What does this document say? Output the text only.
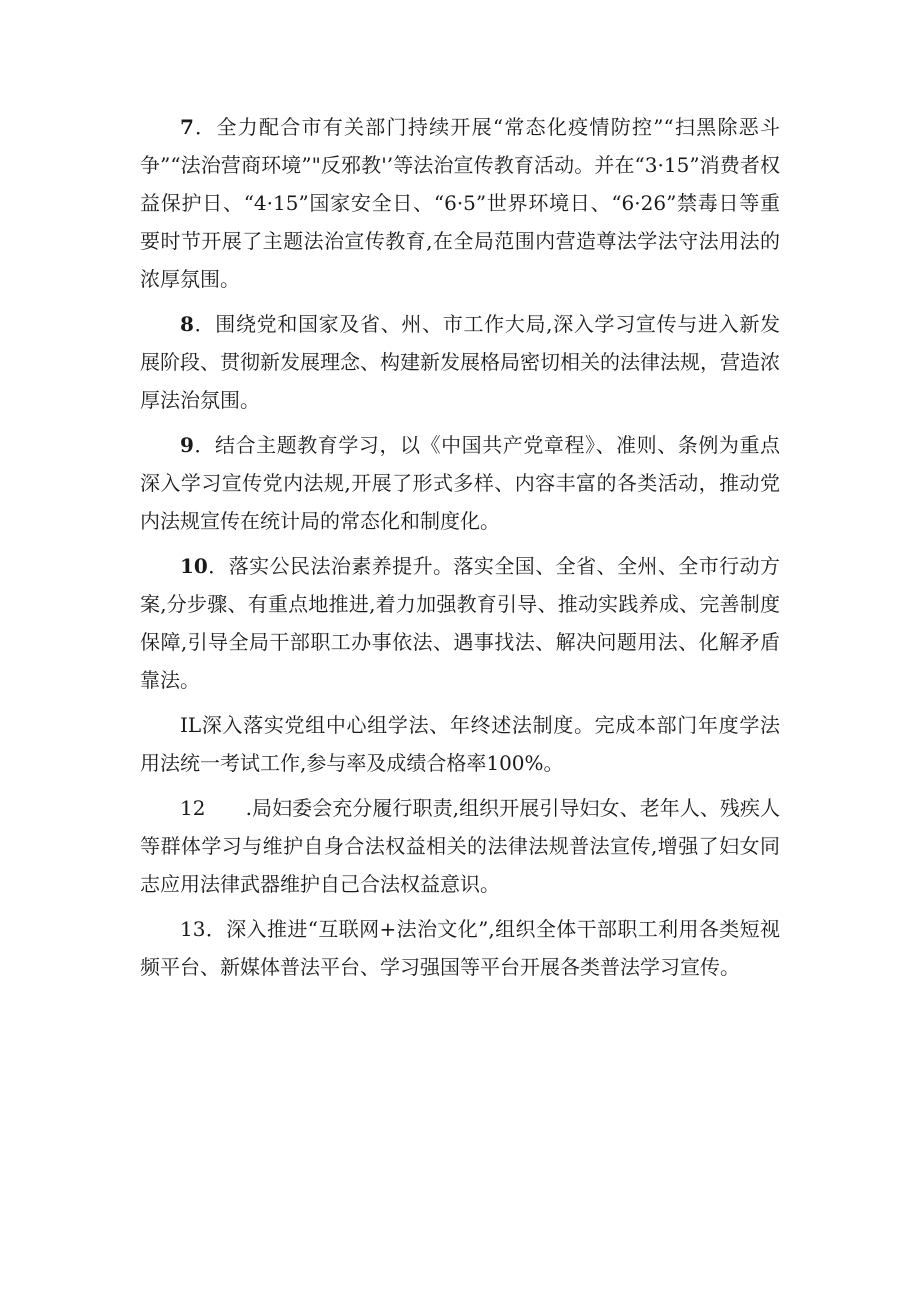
7．全力配合市有关部门持续开展“常态化疫情防控”“扫黑除恶斗争”“法治营商环境”"反邪教'’等法治宣传教育活动。并在“3·15”消费者权益保护日、“4·15”国家安全日、“6·5”世界环境日、“6·26”禁毒日等重要时节开展了主题法治宣传教育,在全局范围内营造尊法学法守法用法的浓厚氛围。

8．围绕党和国家及省、州、市工作大局,深入学习宣传与进入新发展阶段、贯彻新发展理念、构建新发展格局密切相关的法律法规，营造浓厚法治氛围。

9．结合主题教育学习，以《中国共产党章程》、准则、条例为重点深入学习宣传党内法规,开展了形式多样、内容丰富的各类活动，推动党内法规宣传在统计局的常态化和制度化。

10．落实公民法治素养提升。落实全国、全省、全州、全市行动方案,分步骤、有重点地推进,着力加强教育引导、推动实践养成、完善制度保障,引导全局干部职工办事依法、遇事找法、解决问题用法、化解矛盾靠法。

IL深入落实党组中心组学法、年终述法制度。完成本部门年度学法用法统一考试工作,参与率及成绩合格率100%。

12　　.局妇委会充分履行职责,组织开展引导妇女、老年人、残疾人等群体学习与维护自身合法权益相关的法律法规普法宣传,增强了妇女同志应用法律武器维护自己合法权益意识。

13．深入推进“互联网+法治文化”,组织全体干部职工利用各类短视频平台、新媒体普法平台、学习强国等平台开展各类普法学习宣传。
